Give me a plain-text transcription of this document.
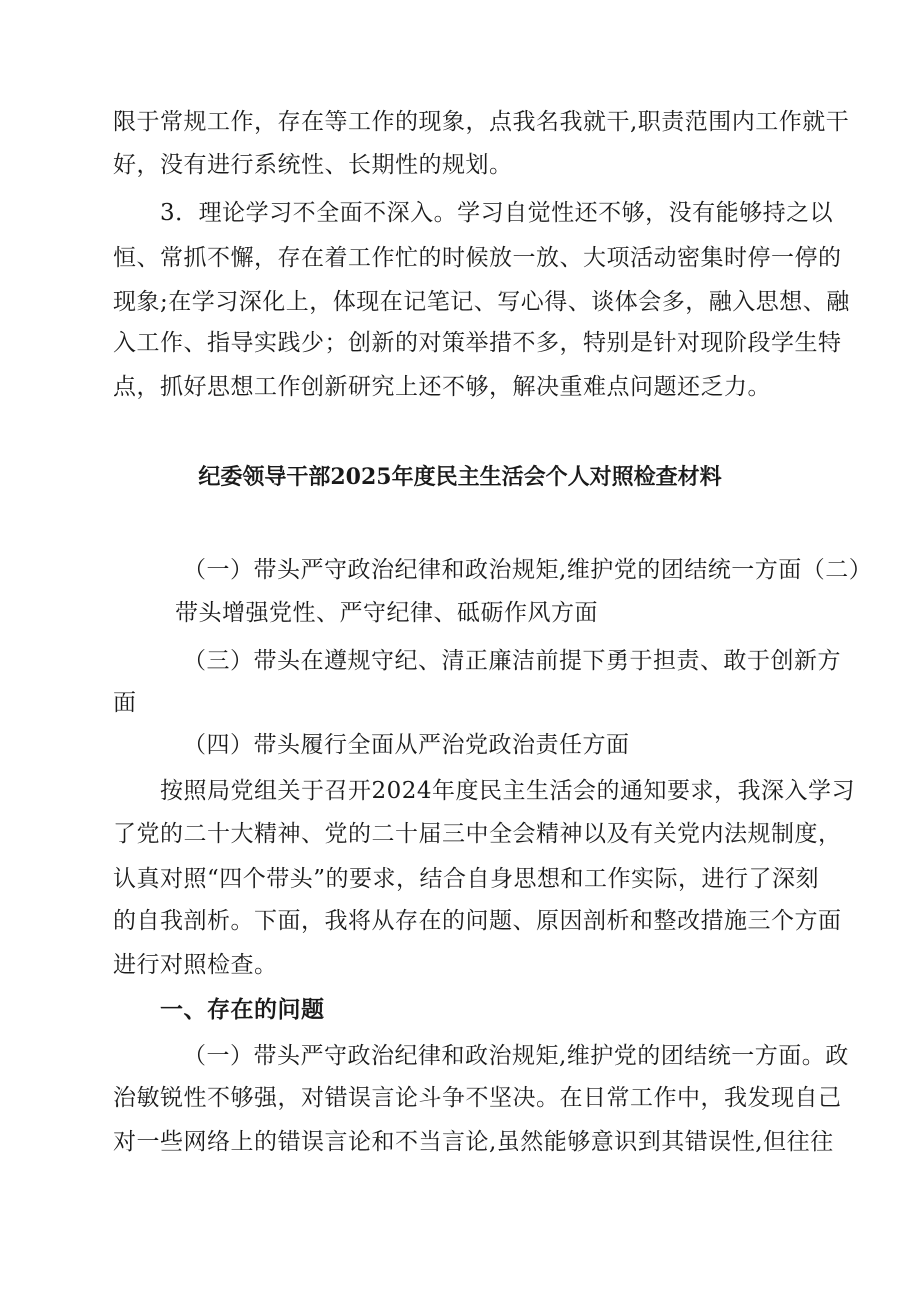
限于常规工作，存在等工作的现象，点我名我就干,职责范围内工作就干
好，没有进行系统性、长期性的规划。
3．理论学习不全面不深入。学习自觉性还不够，没有能够持之以
恒、常抓不懈，存在着工作忙的时候放一放、大项活动密集时停一停的
现象;在学习深化上，体现在记笔记、写心得、谈体会多，融入思想、融
入工作、指导实践少；创新的对策举措不多，特别是针对现阶段学生特
点，抓好思想工作创新研究上还不够，解决重难点问题还乏力。
纪委领导干部2025年度民主生活会个人对照检查材料
（一）带头严守政治纪律和政治规矩,维护党的团结统一方面（二）
带头增强党性、严守纪律、砥砺作风方面
（三）带头在遵规守纪、清正廉洁前提下勇于担责、敢于创新方
面
（四）带头履行全面从严治党政治责任方面
按照局党组关于召开2024年度民主生活会的通知要求，我深入学习
了党的二十大精神、党的二十届三中全会精神以及有关党内法规制度，
认真对照“四个带头”的要求，结合自身思想和工作实际，进行了深刻
的自我剖析。下面，我将从存在的问题、原因剖析和整改措施三个方面
进行对照检查。
一、存在的问题
（一）带头严守政治纪律和政治规矩,维护党的团结统一方面。政
治敏锐性不够强，对错误言论斗争不坚决。在日常工作中，我发现自己
对一些网络上的错误言论和不当言论,虽然能够意识到其错误性,但往往
